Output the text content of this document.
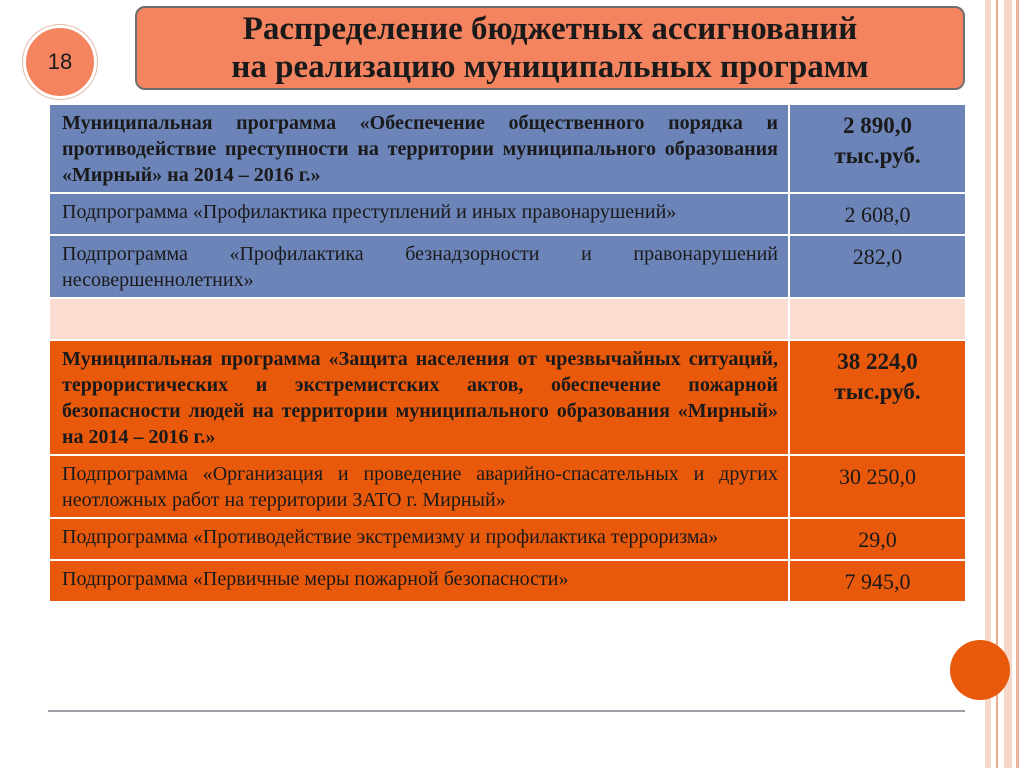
18
Распределение бюджетных ассигнований
на реализацию муниципальных программ
Муниципальная программа «Обеспечение общественного порядка и противодействие преступности на территории муниципального образования «Мирный» на 2014 – 2016 г.»	2 890,0
тыс.руб.

Подпрограмма «Профилактика преступлений и иных правонарушений»	2 608,0
Подпрограмма «Профилактика безнадзорности и правонарушений несовершеннолетних»	282,0

Муниципальная программа «Защита населения от чрезвычайных ситуаций, террористических и экстремистских актов, обеспечение пожарной безопасности людей на территории муниципального образования «Мирный» на 2014 – 2016 г.»	38 224,0
тыс.руб.

Подпрограмма «Организация и проведение аварийно-спасательных и других неотложных работ на территории ЗАТО г. Мирный»	30 250,0
Подпрограмма «Противодействие экстремизму и профилактика терроризма»	29,0
Подпрограмма «Первичные меры пожарной безопасности»	7 945,0
